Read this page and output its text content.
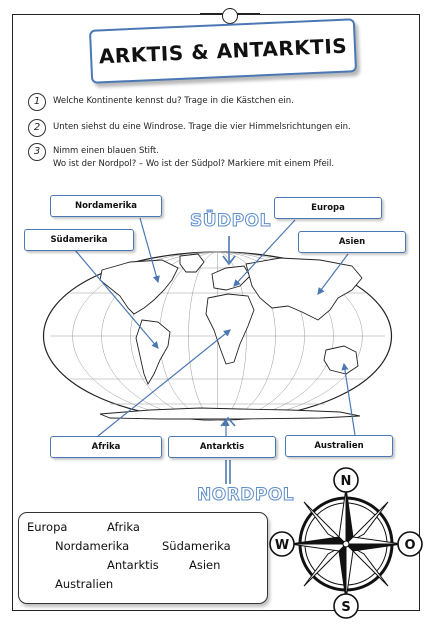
ARKTIS & ANTARKTIS
1	Welche Kontinente kennst du? Trage in die Kästchen ein.
2	Unten siehst du eine Windrose. Trage die vier Himmelsrichtungen ein.
3	Nimm einen blauen Stift.
Wo ist der Nordpol? – Wo ist der Südpol? Markiere mit einem Pfeil.
SÜDPOL
NORDPOL
Nordamerika
Südamerika
Europa
Asien
Afrika	Antarktis	Australien
Europa	Afrika
Nordamerika	Südamerika
Antarktis	Asien
Australien
N
S
W	O
